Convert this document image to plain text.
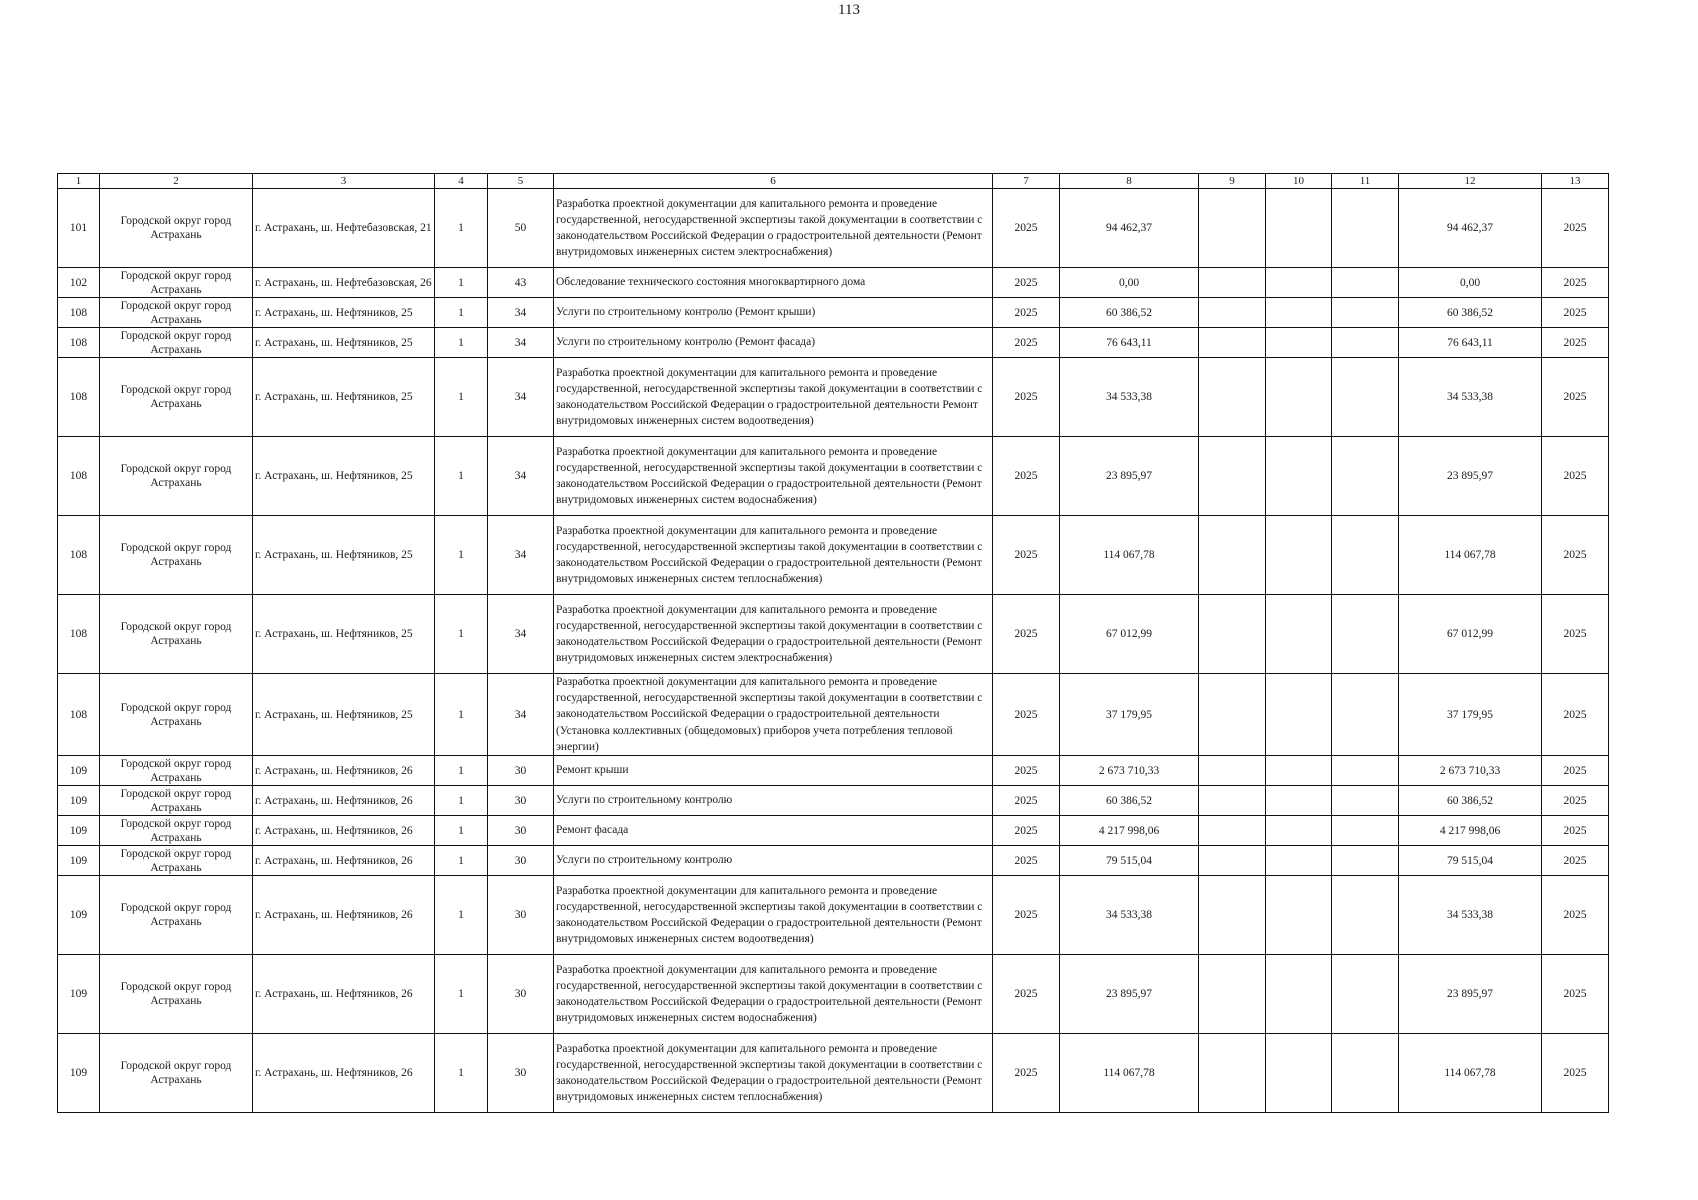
113
1	2	3	4	5	6	7	8	9	10	11	12	13
101	Городской округ город Астрахань	г. Астрахань, ш. Нефтебазовская, 21	1	50	Разработка проектной документации для капитального ремонта и проведение государственной, негосударственной экспертизы такой документации в соответствии с законодательством Российской Федерации о градостроительной деятельности (Ремонт внутридомовых инженерных систем электроснабжения)	2025	94 462,37				94 462,37	2025
102	Городской округ город Астрахань	г. Астрахань, ш. Нефтебазовская, 26	1	43	Обследование технического состояния многоквартирного дома	2025	0,00				0,00	2025
108	Городской округ город Астрахань	г. Астрахань, ш. Нефтяников, 25	1	34	Услуги по строительному контролю (Ремонт крыши)	2025	60 386,52				60 386,52	2025
108	Городской округ город Астрахань	г. Астрахань, ш. Нефтяников, 25	1	34	Услуги по строительному контролю (Ремонт фасада)	2025	76 643,11				76 643,11	2025
108	Городской округ город Астрахань	г. Астрахань, ш. Нефтяников, 25	1	34	Разработка проектной документации для капитального ремонта и проведение государственной, негосударственной экспертизы такой документации в соответствии с законодательством Российской Федерации о градостроительной деятельности Ремонт внутридомовых инженерных систем водоотведения)	2025	34 533,38				34 533,38	2025
108	Городской округ город Астрахань	г. Астрахань, ш. Нефтяников, 25	1	34	Разработка проектной документации для капитального ремонта и проведение государственной, негосударственной экспертизы такой документации в соответствии с законодательством Российской Федерации о градостроительной деятельности (Ремонт внутридомовых инженерных систем водоснабжения)	2025	23 895,97				23 895,97	2025
108	Городской округ город Астрахань	г. Астрахань, ш. Нефтяников, 25	1	34	Разработка проектной документации для капитального ремонта и проведение государственной, негосударственной экспертизы такой документации в соответствии с законодательством Российской Федерации о градостроительной деятельности (Ремонт внутридомовых инженерных систем теплоснабжения)	2025	114 067,78				114 067,78	2025
108	Городской округ город Астрахань	г. Астрахань, ш. Нефтяников, 25	1	34	Разработка проектной документации для капитального ремонта и проведение государственной, негосударственной экспертизы такой документации в соответствии с законодательством Российской Федерации о градостроительной деятельности (Ремонт внутридомовых инженерных систем электроснабжения)	2025	67 012,99				67 012,99	2025
108	Городской округ город Астрахань	г. Астрахань, ш. Нефтяников, 25	1	34	Разработка проектной документации для капитального ремонта и проведение государственной, негосударственной экспертизы такой документации в соответствии с законодательством Российской Федерации о градостроительной деятельности (Установка коллективных (общедомовых) приборов учета потребления тепловой энергии)	2025	37 179,95				37 179,95	2025
109	Городской округ город Астрахань	г. Астрахань, ш. Нефтяников, 26	1	30	Ремонт крыши	2025	2 673 710,33				2 673 710,33	2025
109	Городской округ город Астрахань	г. Астрахань, ш. Нефтяников, 26	1	30	Услуги по строительному контролю	2025	60 386,52				60 386,52	2025
109	Городской округ город Астрахань	г. Астрахань, ш. Нефтяников, 26	1	30	Ремонт фасада	2025	4 217 998,06				4 217 998,06	2025
109	Городской округ город Астрахань	г. Астрахань, ш. Нефтяников, 26	1	30	Услуги по строительному контролю	2025	79 515,04				79 515,04	2025
109	Городской округ город Астрахань	г. Астрахань, ш. Нефтяников, 26	1	30	Разработка проектной документации для капитального ремонта и проведение государственной, негосударственной экспертизы такой документации в соответствии с законодательством Российской Федерации о градостроительной деятельности (Ремонт внутридомовых инженерных систем водоотведения)	2025	34 533,38				34 533,38	2025
109	Городской округ город Астрахань	г. Астрахань, ш. Нефтяников, 26	1	30	Разработка проектной документации для капитального ремонта и проведение государственной, негосударственной экспертизы такой документации в соответствии с законодательством Российской Федерации о градостроительной деятельности (Ремонт внутридомовых инженерных систем водоснабжения)	2025	23 895,97				23 895,97	2025
109	Городской округ город Астрахань	г. Астрахань, ш. Нефтяников, 26	1	30	Разработка проектной документации для капитального ремонта и проведение государственной, негосударственной экспертизы такой документации в соответствии с законодательством Российской Федерации о градостроительной деятельности (Ремонт внутридомовых инженерных систем теплоснабжения)	2025	114 067,78				114 067,78	2025
